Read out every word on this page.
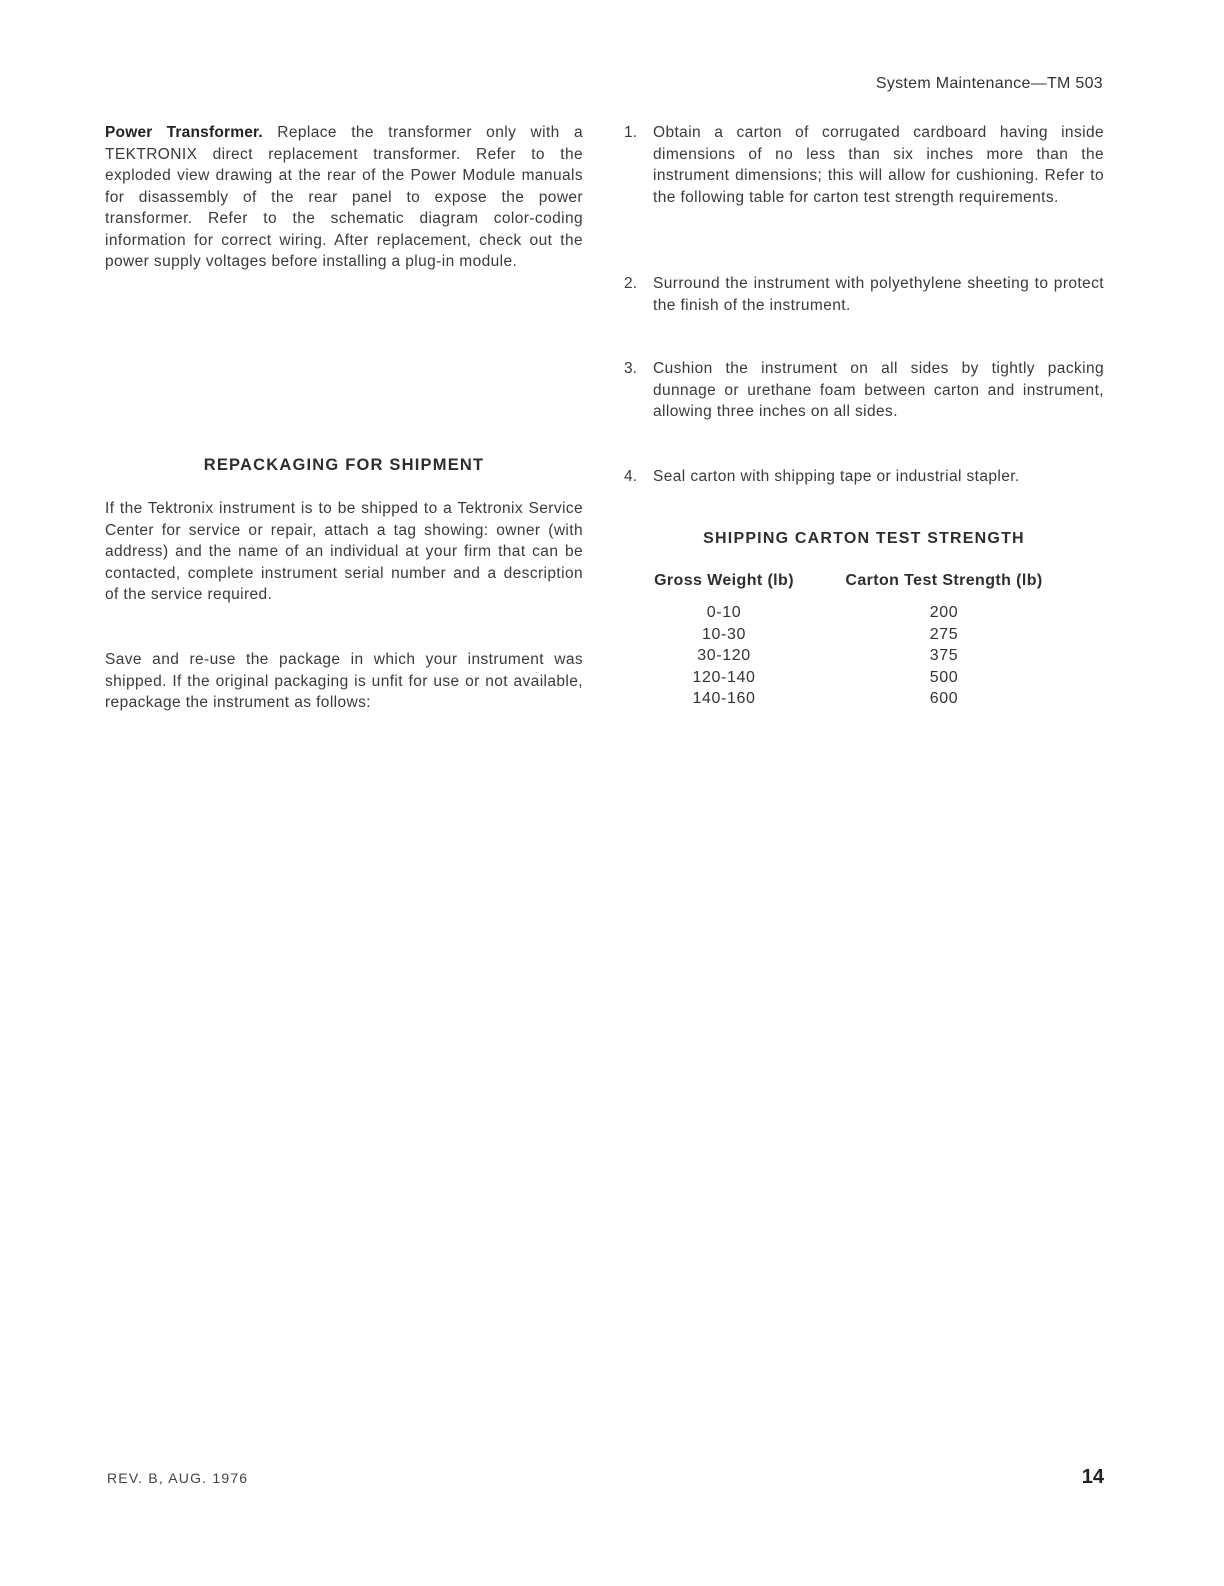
System Maintenance—TM 503

Power Transformer. Replace the transformer only with a TEKTRONIX direct replacement transformer. Refer to the exploded view drawing at the rear of the Power Module manuals for disassembly of the rear panel to expose the power transformer. Refer to the schematic diagram color-coding information for correct wiring. After replacement, check out the power supply voltages before installing a plug-in module.

REPACKAGING FOR SHIPMENT

If the Tektronix instrument is to be shipped to a Tektronix Service Center for service or repair, attach a tag showing: owner (with address) and the name of an individual at your firm that can be contacted, complete instrument serial number and a description of the service required.

Save and re-use the package in which your instrument was shipped. If the original packaging is unfit for use or not available, repackage the instrument as follows:

1.	Obtain a carton of corrugated cardboard having inside dimensions of no less than six inches more than the instrument dimensions; this will allow for cushioning. Refer to the following table for carton test strength requirements.

2.	Surround the instrument with polyethylene sheeting to protect the finish of the instrument.

3.	Cushion the instrument on all sides by tightly packing dunnage or urethane foam between carton and instrument, allowing three inches on all sides.

4.	Seal carton with shipping tape or industrial stapler.

SHIPPING CARTON TEST STRENGTH
Gross Weight (lb)	Carton Test Strength (lb)
0-10	200
10-30	275
30-120	375
120-140	500
140-160	600
REV. B, AUG. 1976	14
